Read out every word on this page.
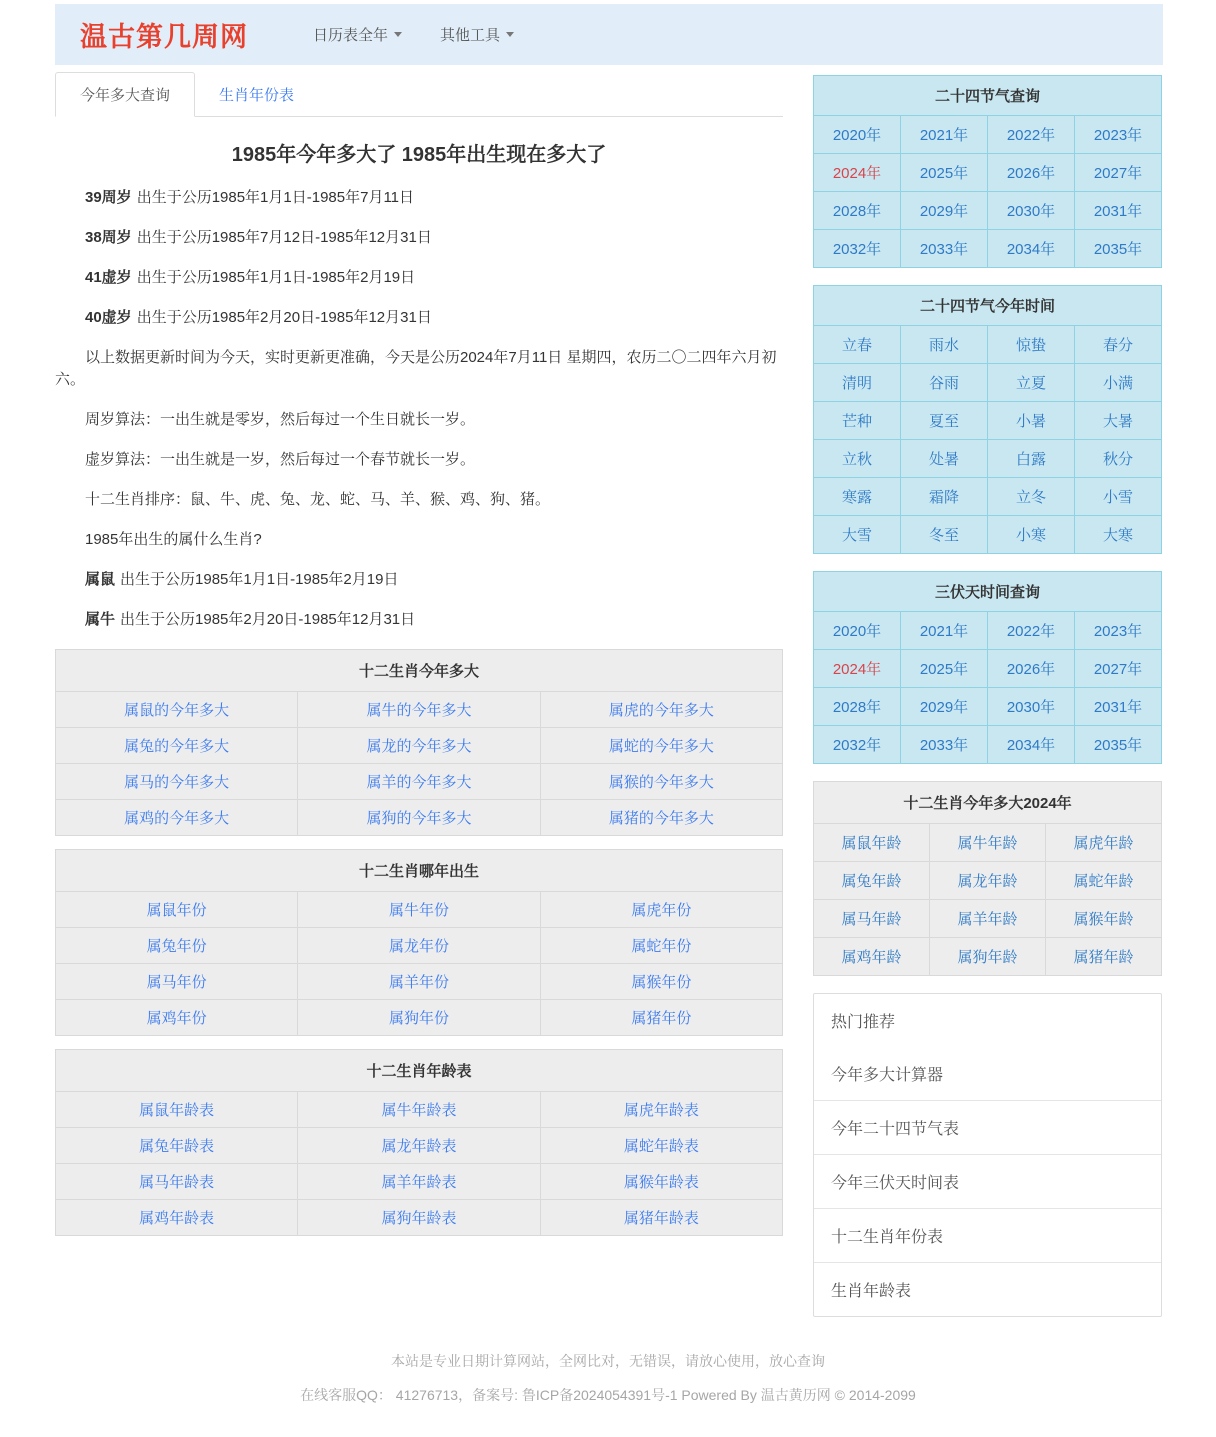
温古第几周网	日历表全年	其他工具
今年多大查询	生肖年份表
1985年今年多大了 1985年出生现在多大了

39周岁 出生于公历1985年1月1日-1985年7月11日

38周岁 出生于公历1985年7月12日-1985年12月31日

41虚岁 出生于公历1985年1月1日-1985年2月19日

40虚岁 出生于公历1985年2月20日-1985年12月31日

以上数据更新时间为今天，实时更新更准确，今天是公历2024年7月11日 星期四，农历二〇二四年六月初六。

周岁算法：一出生就是零岁，然后每过一个生日就长一岁。

虚岁算法：一出生就是一岁，然后每过一个春节就长一岁。

十二生肖排序：鼠、牛、虎、兔、龙、蛇、马、羊、猴、鸡、狗、猪。

1985年出生的属什么生肖?

属鼠 出生于公历1985年1月1日-1985年2月19日

属牛 出生于公历1985年2月20日-1985年12月31日

十二生肖今年多大
属鼠的今年多大	属牛的今年多大	属虎的今年多大
属兔的今年多大	属龙的今年多大	属蛇的今年多大
属马的今年多大	属羊的今年多大	属猴的今年多大
属鸡的今年多大	属狗的今年多大	属猪的今年多大
十二生肖哪年出生
属鼠年份	属牛年份	属虎年份
属兔年份	属龙年份	属蛇年份
属马年份	属羊年份	属猴年份
属鸡年份	属狗年份	属猪年份
十二生肖年龄表
属鼠年龄表	属牛年龄表	属虎年龄表
属兔年龄表	属龙年龄表	属蛇年龄表
属马年龄表	属羊年龄表	属猴年龄表
属鸡年龄表	属狗年龄表	属猪年龄表
二十四节气查询
2020年	2021年	2022年	2023年
2024年	2025年	2026年	2027年
2028年	2029年	2030年	2031年
2032年	2033年	2034年	2035年
二十四节气今年时间
立春	雨水	惊蛰	春分
清明	谷雨	立夏	小满
芒种	夏至	小暑	大暑
立秋	处暑	白露	秋分
寒露	霜降	立冬	小雪
大雪	冬至	小寒	大寒
三伏天时间查询
2020年	2021年	2022年	2023年
2024年	2025年	2026年	2027年
2028年	2029年	2030年	2031年
2032年	2033年	2034年	2035年
十二生肖今年多大2024年
属鼠年龄	属牛年龄	属虎年龄
属兔年龄	属龙年龄	属蛇年龄
属马年龄	属羊年龄	属猴年龄
属鸡年龄	属狗年龄	属猪年龄
热门推荐
今年多大计算器
今年二十四节气表
今年三伏天时间表
十二生肖年份表
生肖年龄表
本站是专业日期计算网站，全网比对，无错误，请放心使用，放心查询
在线客服QQ： 41276713，备案号: 鲁ICP备2024054391号-1 Powered By 温古黄历网 © 2014-2099
